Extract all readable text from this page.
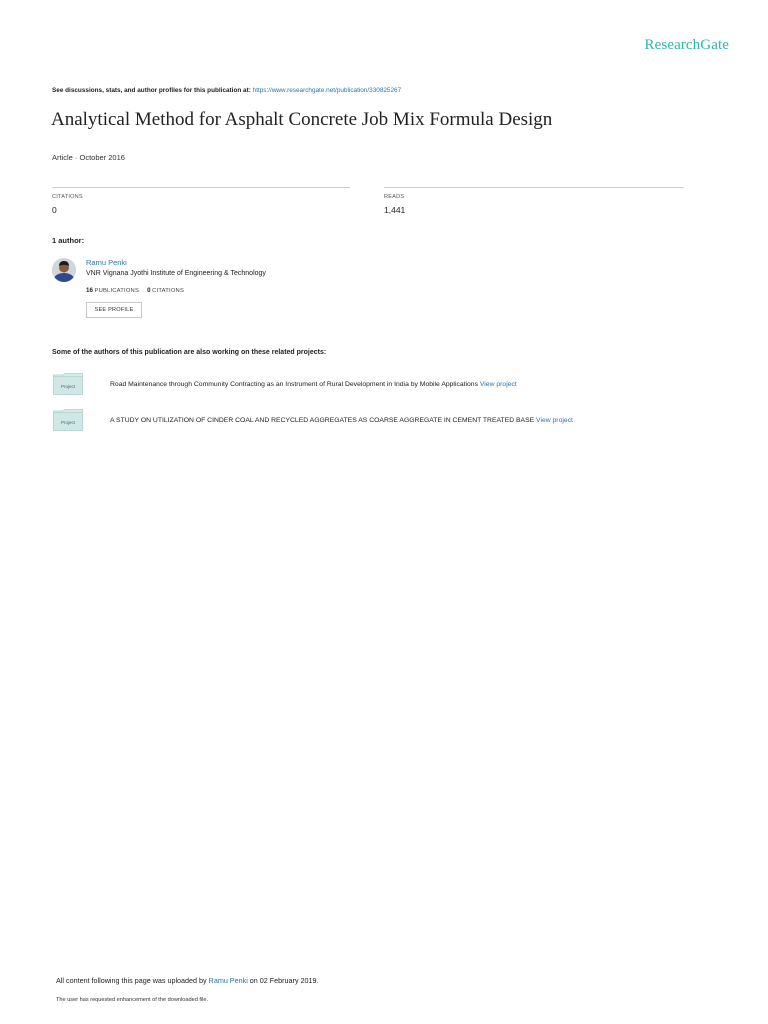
ResearchGate
See discussions, stats, and author profiles for this publication at: https://www.researchgate.net/publication/330825267
Analytical Method for Asphalt Concrete Job Mix Formula Design
Article · October 2016
CITATIONS
0
READS
1,441
1 author:
Ramu Penki
VNR Vignana Jyothi Institute of Engineering & Technology
16 PUBLICATIONS 0 CITATIONS
SEE PROFILE
Some of the authors of this publication are also working on these related projects:
Project	Road Maintenance through Community Contracting as an Instrument of Rural Development in India by Mobile Applications View project
Project	A STUDY ON UTILIZATION OF CINDER COAL AND RECYCLED AGGREGATES AS COARSE AGGREGATE IN CEMENT TREATED BASE View project
All content following this page was uploaded by Ramu Penki on 02 February 2019.
The user has requested enhancement of the downloaded file.
